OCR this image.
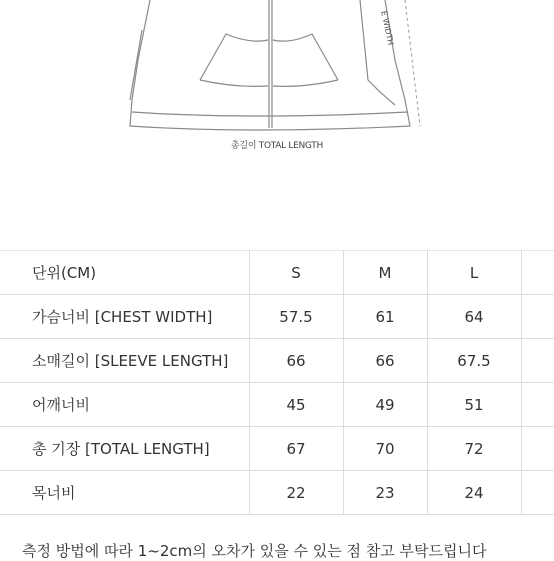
E WIDTH
총길이 TOTAL LENGTH
단위(CM)	S	M	L	
가슴너비 [CHEST WIDTH]	57.5	61	64	
소매길이 [SLEEVE LENGTH]	66	66	67.5	
어깨너비	45	49	51	
총 기장 [TOTAL LENGTH]	67	70	72	
목너비	22	23	24	
측정 방법에 따라 1~2cm의 오차가 있을 수 있는 점 참고 부탁드립니다
